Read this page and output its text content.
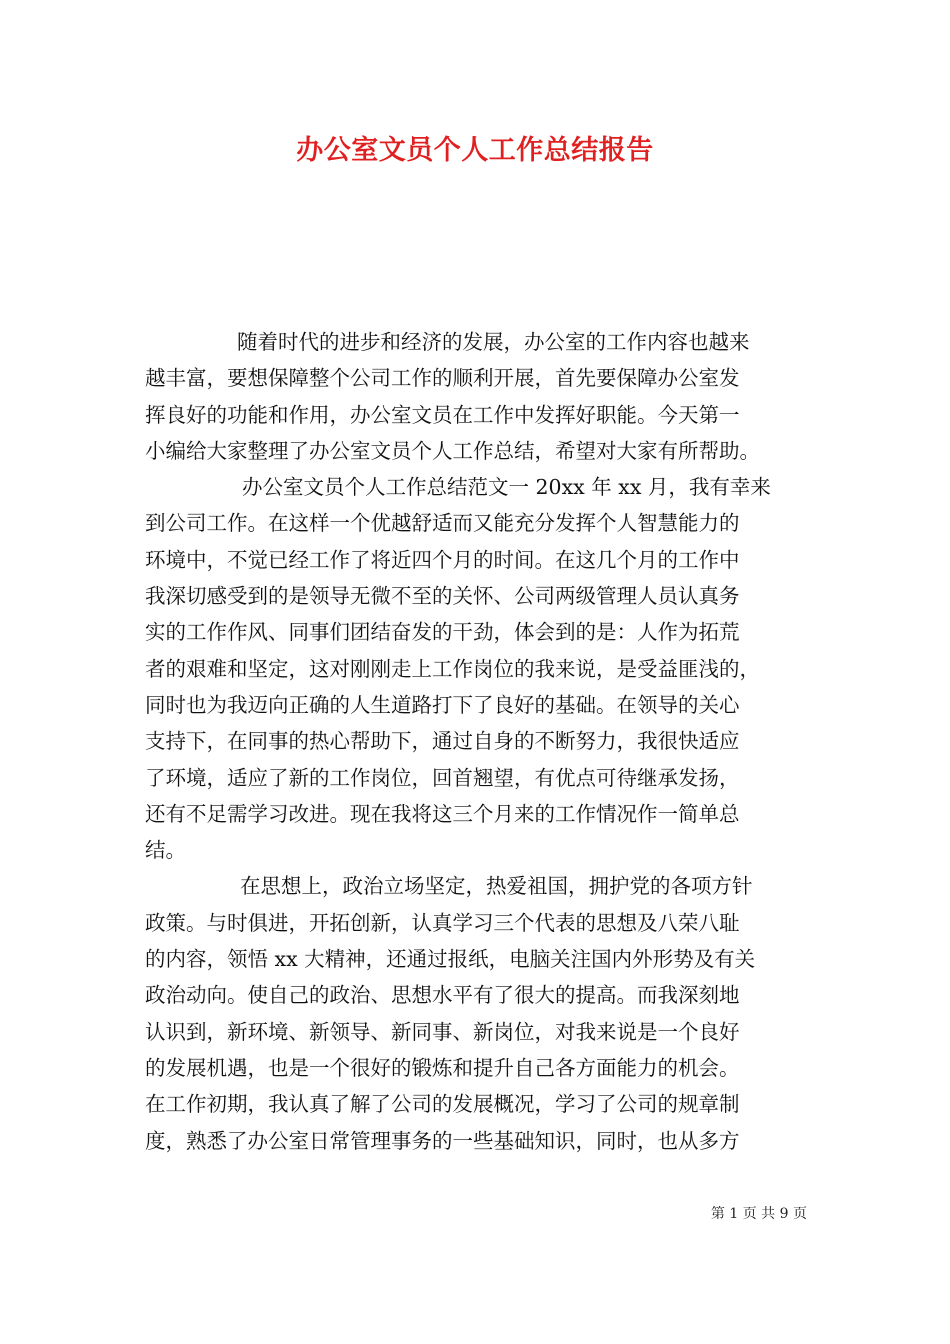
办公室文员个人工作总结报告
随着时代的进步和经济的发展，办公室的工作内容也越来
越丰富，要想保障整个公司工作的顺利开展，首先要保障办公室发
挥良好的功能和作用，办公室文员在工作中发挥好职能。今天第一
小编给大家整理了办公室文员个人工作总结，希望对大家有所帮助。
办公室文员个人工作总结范文一 20xx 年 xx 月，我有幸来
到公司工作。在这样一个优越舒适而又能充分发挥个人智慧能力的
环境中，不觉已经工作了将近四个月的时间。在这几个月的工作中
我深切感受到的是领导无微不至的关怀、公司两级管理人员认真务
实的工作作风、同事们团结奋发的干劲，体会到的是：人作为拓荒
者的艰难和坚定，这对刚刚走上工作岗位的我来说，是受益匪浅的，
同时也为我迈向正确的人生道路打下了良好的基础。在领导的关心
支持下，在同事的热心帮助下，通过自身的不断努力，我很快适应
了环境，适应了新的工作岗位，回首翘望，有优点可待继承发扬，
还有不足需学习改进。现在我将这三个月来的工作情况作一简单总
结。
在思想上，政治立场坚定，热爱祖国，拥护党的各项方针
政策。与时俱进，开拓创新，认真学习三个代表的思想及八荣八耻
的内容，领悟 xx 大精神，还通过报纸，电脑关注国内外形势及有关
政治动向。使自己的政治、思想水平有了很大的提高。而我深刻地
认识到，新环境、新领导、新同事、新岗位，对我来说是一个良好
的发展机遇，也是一个很好的锻炼和提升自己各方面能力的机会。
在工作初期，我认真了解了公司的发展概况，学习了公司的规章制
度，熟悉了办公室日常管理事务的一些基础知识，同时，也从多方
第 1 页 共 9 页
